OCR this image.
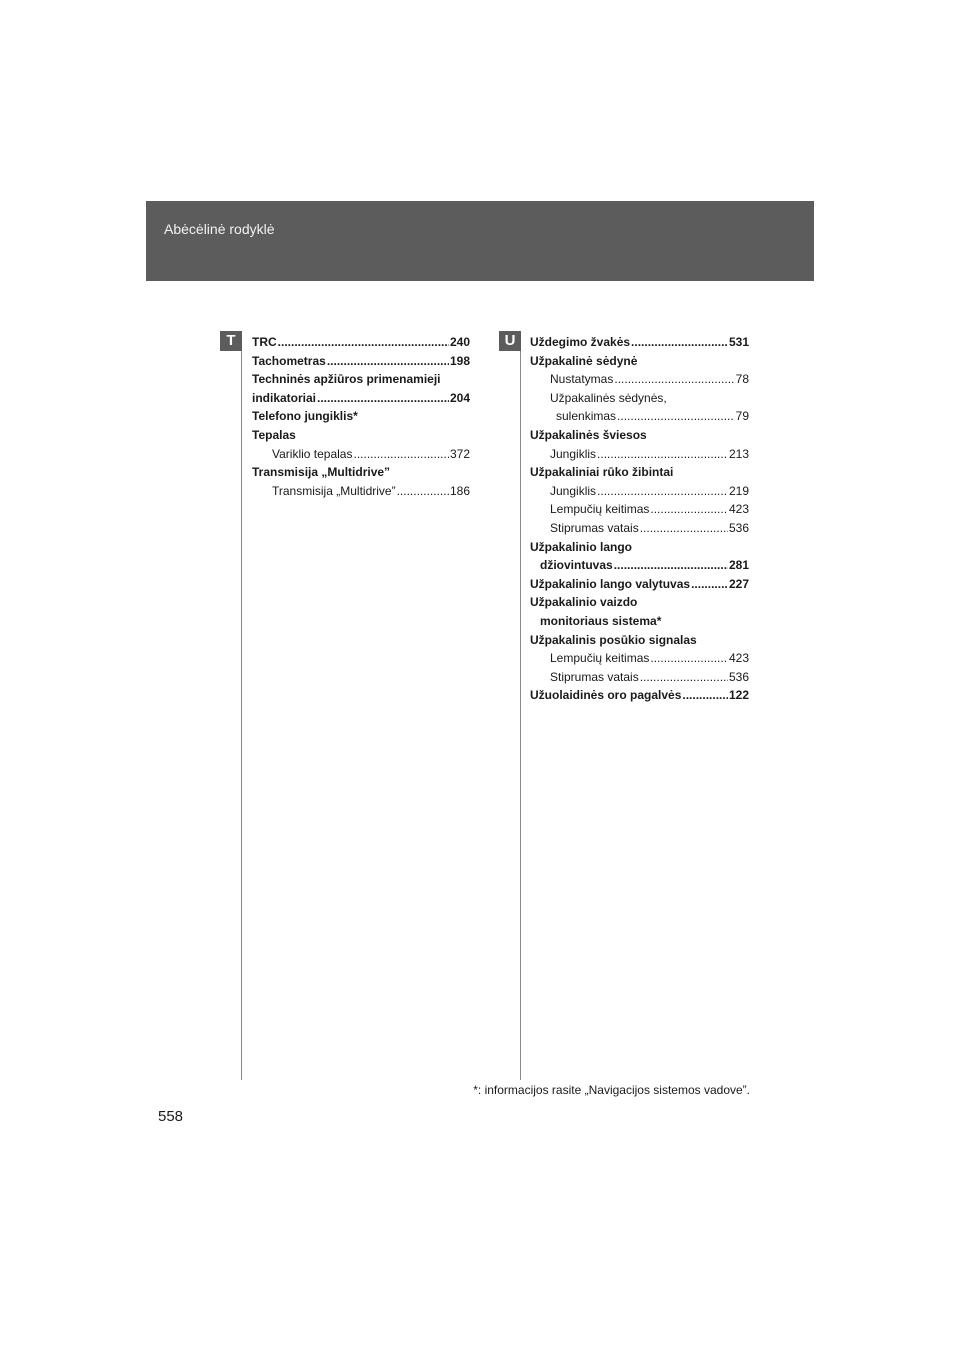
Abėcėlinė rodyklė
T	U
TRC .....	240
Tachometras .....	198
Techninės apžiūros primenamieji
indikatoriai .....	204
Telefono jungiklis*
Tepalas
Variklio tepalas .....	372
Transmisija „Multidrive”
Transmisija „Multidrive” .....	186
Uždegimo žvakės .....	531
Užpakalinė sėdynė
Nustatymas .....	78
Užpakalinės sėdynės,
sulenkimas .....	79
Užpakalinės šviesos
Jungiklis .....	213
Užpakaliniai rūko žibintai
Jungiklis .....	219
Lempučių keitimas .....	423
Stiprumas vatais .....	536
Užpakalinio lango
džiovintuvas .....	281
Užpakalinio lango valytuvas .....	227
Užpakalinio vaizdo
monitoriaus sistema*
Užpakalinis posūkio signalas
Lempučių keitimas .....	423
Stiprumas vatais .....	536
Užuolaidinės oro pagalvės .....	122
*: informacijos rasite „Navigacijos sistemos vadove”.
558
